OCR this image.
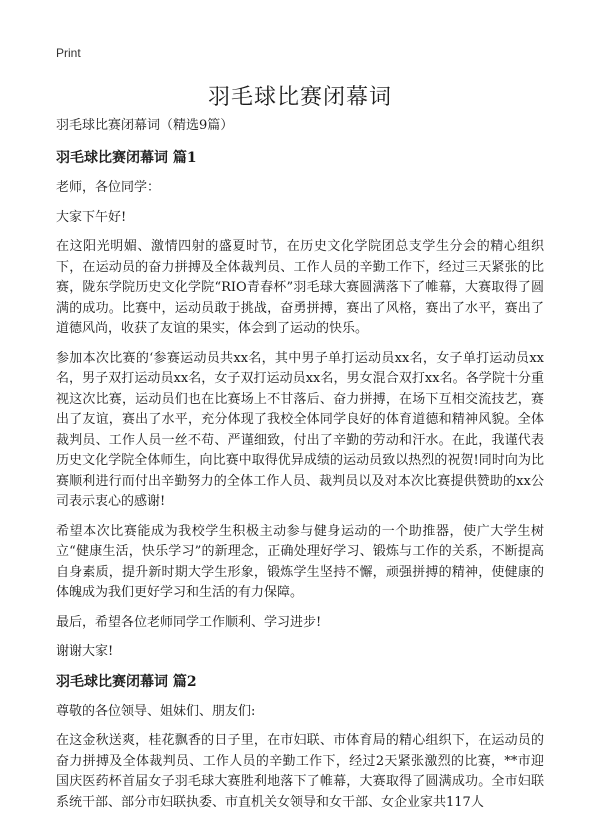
Print
羽毛球比赛闭幕词

羽毛球比赛闭幕词（精选9篇）

羽毛球比赛闭幕词 篇1

老师，各位同学：

大家下午好!

在这阳光明媚、激情四射的盛夏时节，在历史文化学院团总支学生分会的精心组织下，在运动员的奋力拼搏及全体裁判员、工作人员的辛勤工作下，经过三天紧张的比赛，陇东学院历史文化学院“RIO青春杯”羽毛球大赛圆满落下了帷幕，大赛取得了圆满的成功。比赛中，运动员敢于挑战，奋勇拼搏，赛出了风格，赛出了水平，赛出了道德风尚，收获了友谊的果实，体会到了运动的快乐。

参加本次比赛的‘参赛运动员共xx名，其中男子单打运动员xx名，女子单打运动员xx名，男子双打运动员xx名，女子双打运动员xx名，男女混合双打xx名。各学院十分重视这次比赛，运动员们也在比赛场上不甘落后、奋力拼搏，在场下互相交流技艺，赛出了友谊，赛出了水平，充分体现了我校全体同学良好的体育道德和精神风貌。全体裁判员、工作人员一丝不苟、严谨细致，付出了辛勤的劳动和汗水。在此，我谨代表历史文化学院全体师生，向比赛中取得优异成绩的运动员致以热烈的祝贺!同时向为比赛顺利进行而付出辛勤努力的全体工作人员、裁判员以及对本次比赛提供赞助的xx公司表示衷心的感谢!

希望本次比赛能成为我校学生积极主动参与健身运动的一个助推器，使广大学生树立“健康生活，快乐学习”的新理念，正确处理好学习、锻炼与工作的关系，不断提高自身素质，提升新时期大学生形象，锻炼学生坚持不懈，顽强拼搏的精神，使健康的体魄成为我们更好学习和生活的有力保障。

最后，希望各位老师同学工作顺利、学习进步!

谢谢大家!

羽毛球比赛闭幕词 篇2

尊敬的各位领导、姐妹们、朋友们:

在这金秋送爽，桂花飘香的日子里，在市妇联、市体育局的精心组织下，在运动员的奋力拼搏及全体裁判员、工作人员的辛勤工作下，经过2天紧张激烈的比赛，**市迎国庆医药杯首届女子羽毛球大赛胜利地落下了帷幕，大赛取得了圆满成功。全市妇联系统干部、部分市妇联执委、市直机关女领导和女干部、女企业家共117人
